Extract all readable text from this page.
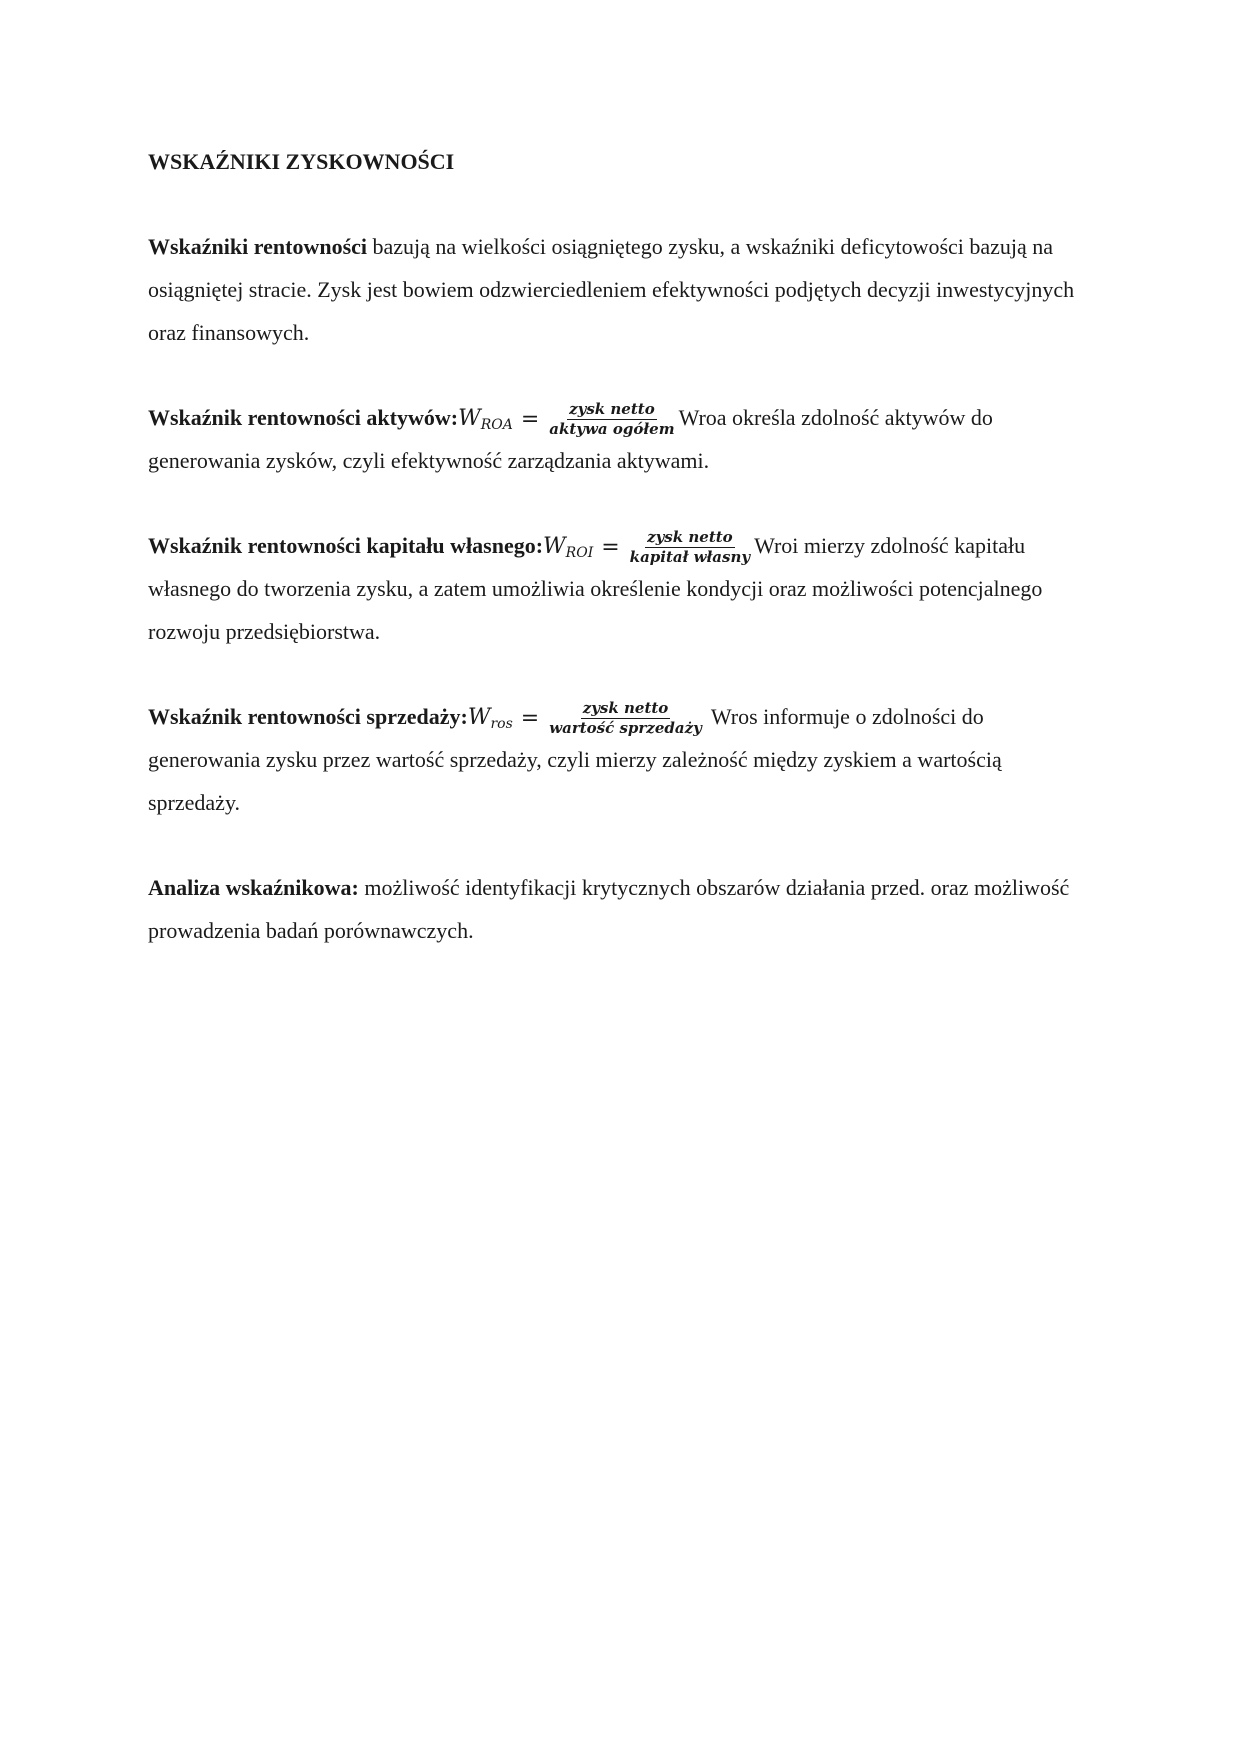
WSKAŹNIKI ZYSKOWNOŚCI

Wskaźniki rentowności bazują na wielkości osiągniętego zysku, a wskaźniki deficytowości bazują na osiągniętej stracie. Zysk jest bowiem odzwierciedleniem efektywności podjętych decyzji inwestycyjnych oraz finansowych.

Wskaźnik rentowności aktywów: $W_{ROA} = \frac{\text{zysk netto}}{\text{aktywa ogółem}}$ Wroa określa zdolność aktywów do generowania zysków, czyli efektywność zarządzania aktywami.

Wskaźnik rentowności kapitału własnego: $W_{ROI} = \frac{\text{zysk netto}}{\text{kapitał własny}}$ Wroi mierzy zdolność kapitału własnego do tworzenia zysku, a zatem umożliwia określenie kondycji oraz możliwości potencjalnego rozwoju przedsiębiorstwa.

Wskaźnik rentowności sprzedaży: $W_{ros} = \frac{\text{zysk netto}}{\text{wartość sprzedaży}}$ Wros informuje o zdolności do generowania zysku przez wartość sprzedaży, czyli mierzy zależność między zyskiem a wartością sprzedaży.

Analiza wskaźnikowa: możliwość identyfikacji krytycznych obszarów działania przed. oraz możliwość prowadzenia badań porównawczych.
